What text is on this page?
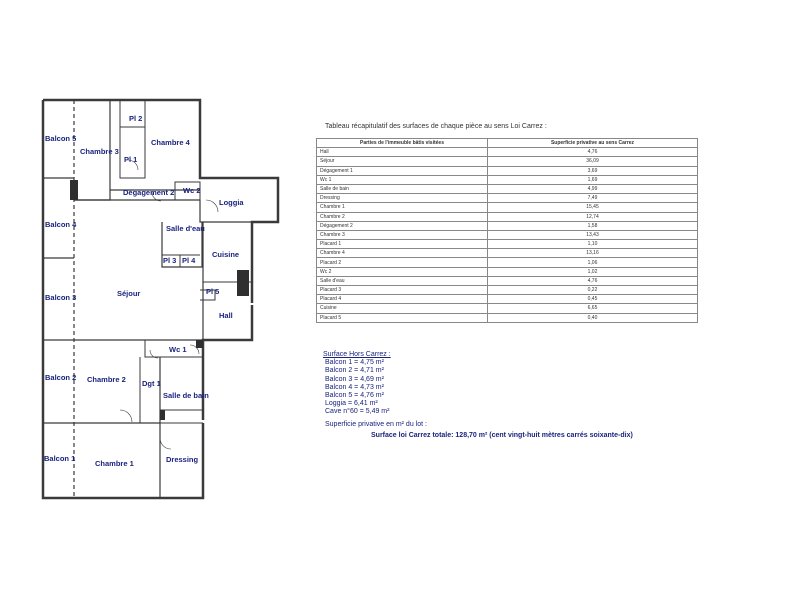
Balcon 5
Chambre 3
Pl 2
Chambre 4
Pl 1
Dégagement 2 Wc 2
Loggia
Balcon 4	Salle d'eau
Cuisine
Pl 3 Pl 4
Séjour
Balcon 3
Pl 5
Hall
Wc 1
Balcon 2 Chambre 2 Dgt 1
Salle de bain
Balcon 1
Chambre 1	Dressing
Tableau récapitulatif des surfaces de chaque pièce au sens Loi Carrez :
Parties de l'immeuble bâtis visitées	Superficie privative au sens Carrez
Hall	4,76
Séjour	36,09
Dégagement 1	3,69
Wc 1	1,69
Salle de bain	4,99
Dressing	7,49
Chambre 1	15,45
Chambre 2	12,74
Dégagement 2	1,58
Chambre 3	13,43
Placard 1	1,10
Chambre 4	13,16
Placard 2	1,06
Wc 2	1,02
Salle d'eau	4,76
Placard 3	0,22
Placard 4	0,45
Cuisine	6,65
Placard 5	0,40
Surface Hors Carrez :
Balcon 1 = 4,75 m²
Balcon 2 = 4,71 m²
Balcon 3 = 4,69 m²
Balcon 4 = 4,73 m²
Balcon 5 = 4,76 m²
Loggia = 6,41 m²
Cave n°60 = 5,49 m²
Superficie privative en m² du lot :
Surface loi Carrez totale: 128,70 m² (cent vingt-huit mètres carrés soixante-dix)
